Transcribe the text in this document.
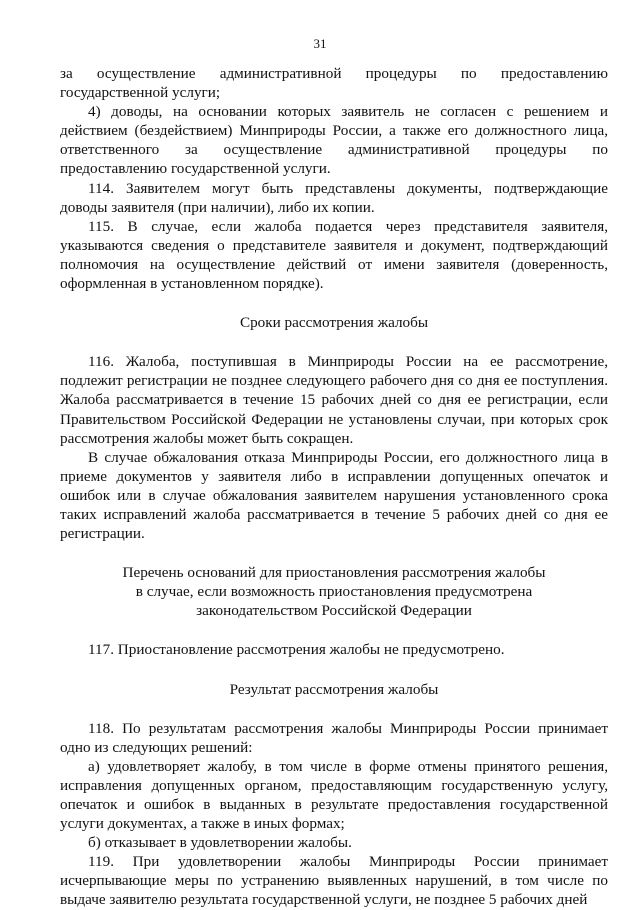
31

за осуществление административной процедуры по предоставлению государственной услуги;

4) доводы, на основании которых заявитель не согласен с решением и действием (бездействием) Минприроды России, а также его должностного лица, ответственного за осуществление административной процедуры по предоставлению государственной услуги.

114. Заявителем могут быть представлены документы, подтверждающие доводы заявителя (при наличии), либо их копии.

115. В случае, если жалоба подается через представителя заявителя, указываются сведения о представителе заявителя и документ, подтверждающий полномочия на осуществление действий от имени заявителя (доверенность, оформленная в установленном порядке).

Сроки рассмотрения жалобы

116. Жалоба, поступившая в Минприроды России на ее рассмотрение, подлежит регистрации не позднее следующего рабочего дня со дня ее поступления. Жалоба рассматривается в течение 15 рабочих дней со дня ее регистрации, если Правительством Российской Федерации не установлены случаи, при которых срок рассмотрения жалобы может быть сокращен.

В случае обжалования отказа Минприроды России, его должностного лица в приеме документов у заявителя либо в исправлении допущенных опечаток и ошибок или в случае обжалования заявителем нарушения установленного срока таких исправлений жалоба рассматривается в течение 5 рабочих дней со дня ее регистрации.

Перечень оснований для приостановления рассмотрения жалобы

в случае, если возможность приостановления предусмотрена

законодательством Российской Федерации

117. Приостановление рассмотрения жалобы не предусмотрено.

Результат рассмотрения жалобы

118. По результатам рассмотрения жалобы Минприроды России принимает одно из следующих решений:

а) удовлетворяет жалобу, в том числе в форме отмены принятого решения, исправления допущенных органом, предоставляющим государственную услугу, опечаток и ошибок в выданных в результате предоставления государственной услуги документах, а также в иных формах;

б) отказывает в удовлетворении жалобы.

119. При удовлетворении жалобы Минприроды России принимает исчерпывающие меры по устранению выявленных нарушений, в том числе по выдаче заявителю результата государственной услуги, не позднее 5 рабочих дней
